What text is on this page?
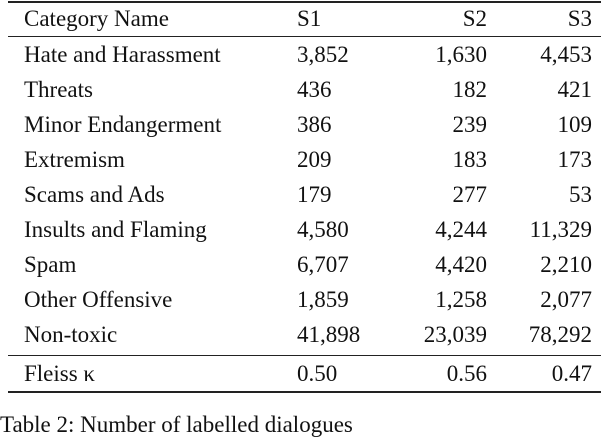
Category Name	S1	S2	S3
Hate and Harassment	3,852	1,630 4,453
Threats	436	182	421
Minor Endangerment	386	239	109
Extremism	209	183	173
Scams and Ads	179	277	53
Insults and Flaming	4,580	4,244 11,329
Spam	6,707	4,420 2,210
Other Offensive	1,859	1,258 2,077
Non-toxic	41,898	23,039 78,292
Fleiss κ	0.50	0.56	0.47
Table 2: Number of labelled dialogues
